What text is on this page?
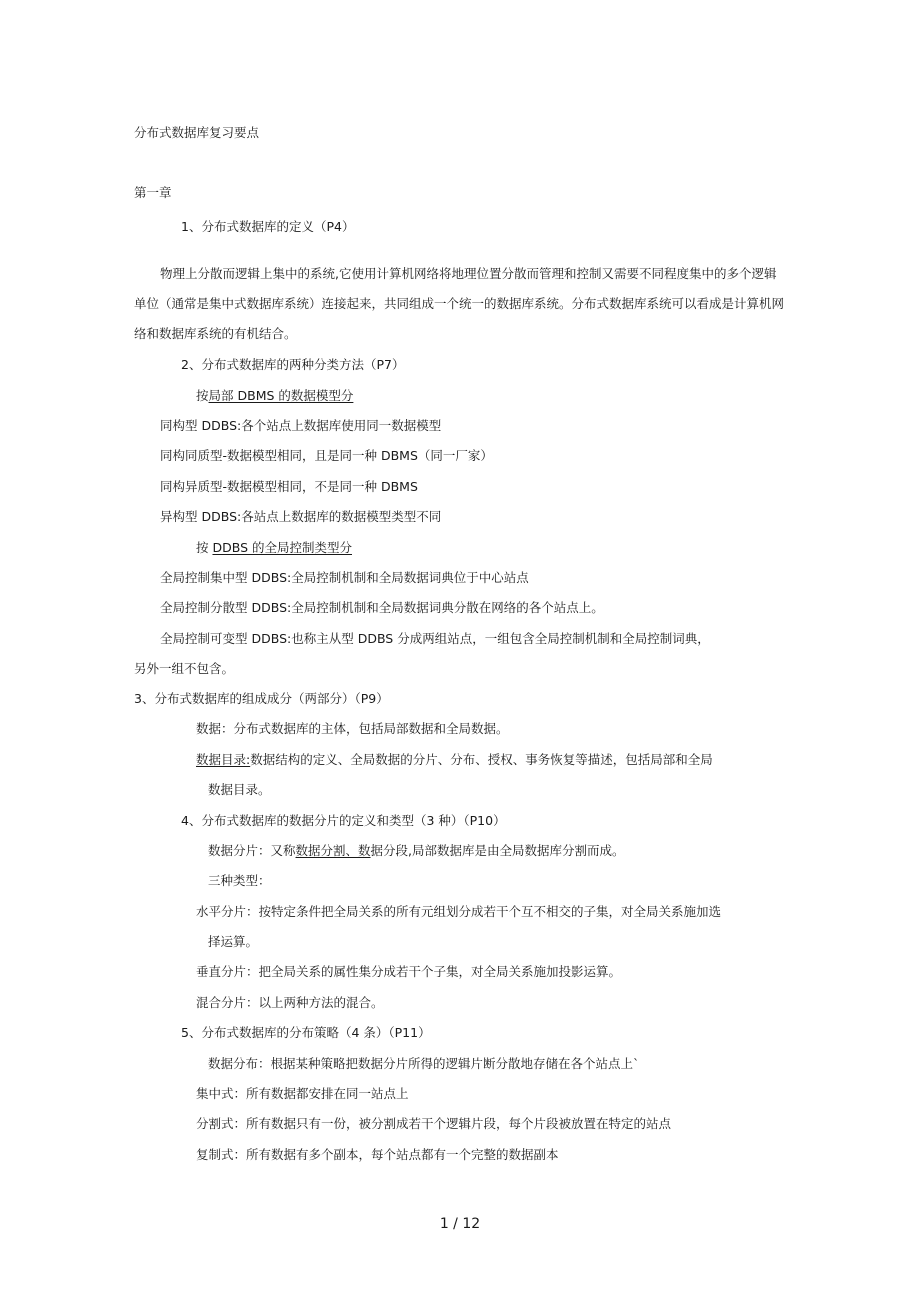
分布式数据库复习要点
第一章
1、分布式数据库的定义（P4）
物理上分散而逻辑上集中的系统,它使用计算机网络将地理位置分散而管理和控制又需要不同程度集中的多个逻辑
单位（通常是集中式数据库系统）连接起来，共同组成一个统一的数据库系统。分布式数据库系统可以看成是计算机网
络和数据库系统的有机结合。
2、分布式数据库的两种分类方法（P7）
按局部 DBMS 的数据模型分
同构型 DDBS:各个站点上数据库使用同一数据模型
同构同质型-数据模型相同，且是同一种 DBMS（同一厂家）
同构异质型-数据模型相同，不是同一种 DBMS
异构型 DDBS:各站点上数据库的数据模型类型不同
按 DDBS 的全局控制类型分
全局控制集中型 DDBS:全局控制机制和全局数据词典位于中心站点
全局控制分散型 DDBS:全局控制机制和全局数据词典分散在网络的各个站点上。
全局控制可变型 DDBS:也称主从型 DDBS 分成两组站点，一组包含全局控制机制和全局控制词典，
另外一组不包含。
3、分布式数据库的组成成分（两部分）（P9）
数据：分布式数据库的主体，包括局部数据和全局数据。
数据目录:数据结构的定义、全局数据的分片、分布、授权、事务恢复等描述，包括局部和全局
数据目录。
4、分布式数据库的数据分片的定义和类型（3 种）（P10）
数据分片：又称数据分割、数据分段,局部数据库是由全局数据库分割而成。
三种类型：
水平分片：按特定条件把全局关系的所有元组划分成若干个互不相交的子集，对全局关系施加选
择运算。
垂直分片：把全局关系的属性集分成若干个子集，对全局关系施加投影运算。
混合分片：以上两种方法的混合。
5、分布式数据库的分布策略（4 条）（P11）
数据分布：根据某种策略把数据分片所得的逻辑片断分散地存储在各个站点上`
集中式：所有数据都安排在同一站点上
分割式：所有数据只有一份，被分割成若干个逻辑片段，每个片段被放置在特定的站点
复制式：所有数据有多个副本，每个站点都有一个完整的数据副本
1 / 12
